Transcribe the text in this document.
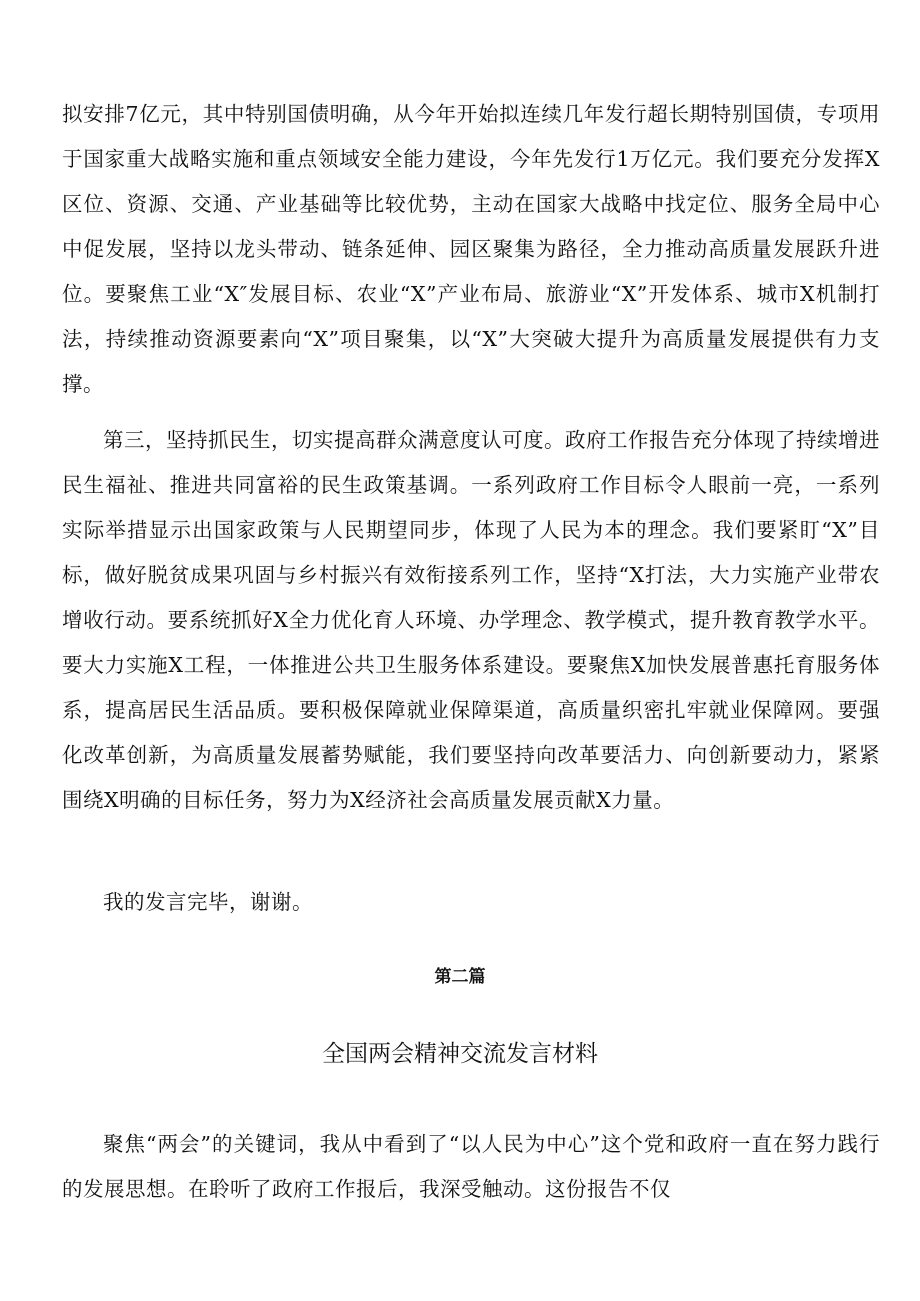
拟安排7亿元，其中特别国债明确，从今年开始拟连续几年发行超长期特别国债，专项用于国家重大战略实施和重点领域安全能力建设，今年先发行1万亿元。我们要充分发挥X区位、资源、交通、产业基础等比较优势，主动在国家大战略中找定位、服务全局中心中促发展，坚持以龙头带动、链条延伸、园区聚集为路径，全力推动高质量发展跃升进位。要聚焦工业“X″发展目标、农业“X”产业布局、旅游业“X”开发体系、城市X机制打法，持续推动资源要素向“X”项目聚集，以“X”大突破大提升为高质量发展提供有力支撑。

第三，坚持抓民生，切实提高群众满意度认可度。政府工作报告充分体现了持续增进民生福祉、推进共同富裕的民生政策基调。一系列政府工作目标令人眼前一亮，一系列实际举措显示出国家政策与人民期望同步，体现了人民为本的理念。我们要紧盯“X”目标，做好脱贫成果巩固与乡村振兴有效衔接系列工作，坚持“X打法，大力实施产业带农增收行动。要系统抓好X全力优化育人环境、办学理念、教学模式，提升教育教学水平。要大力实施X工程，一体推进公共卫生服务体系建设。要聚焦X加快发展普惠托育服务体系，提高居民生活品质。要积极保障就业保障渠道，高质量织密扎牢就业保障网。要强化改革创新，为高质量发展蓄势赋能，我们要坚持向改革要活力、向创新要动力，紧紧围绕X明确的目标任务，努力为X经济社会高质量发展贡献X力量。

我的发言完毕，谢谢。

第二篇
全国两会精神交流发言材料

聚焦“两会”的关键词，我从中看到了“以人民为中心”这个党和政府一直在努力践行的发展思想。在聆听了政府工作报后，我深受触动。这份报告不仅
